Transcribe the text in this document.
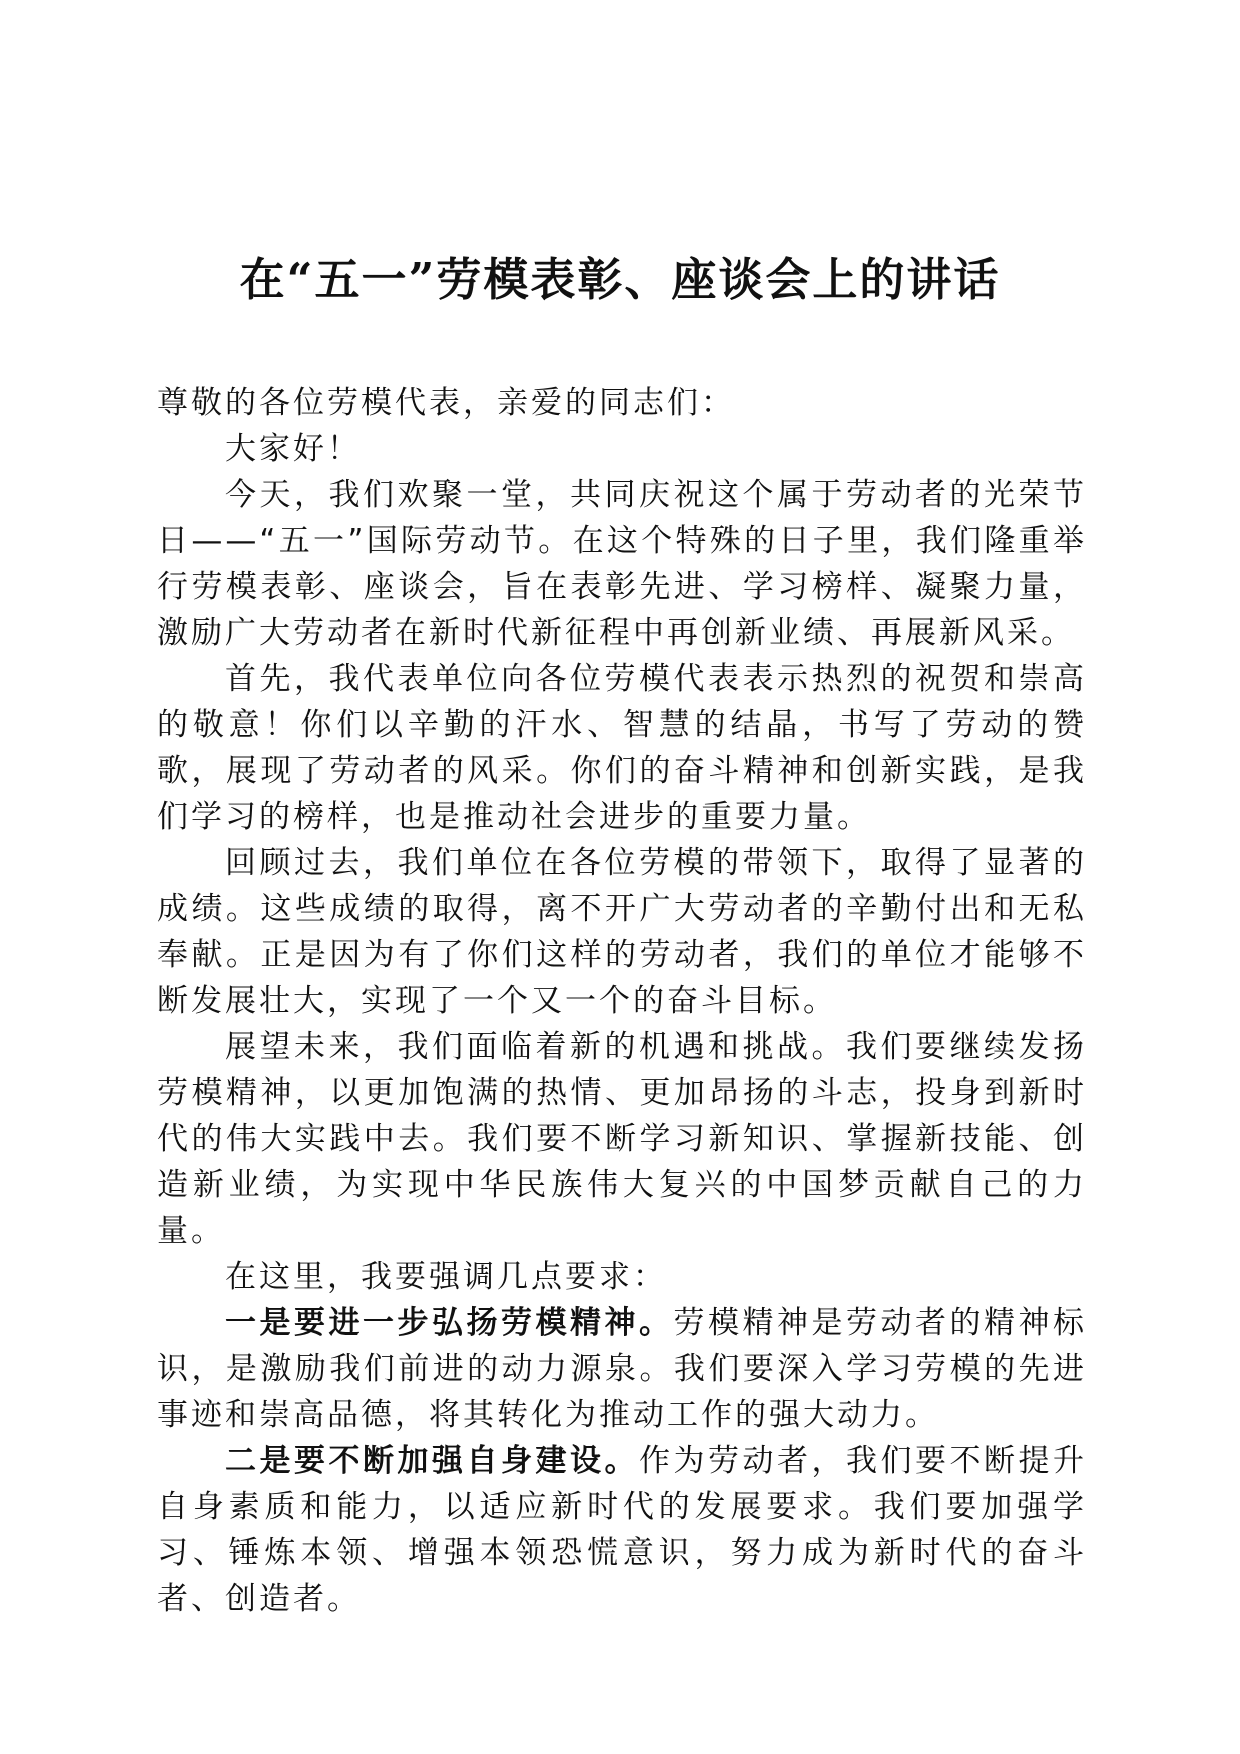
在“五一”劳模表彰、座谈会上的讲话

尊敬的各位劳模代表，亲爱的同志们：

大家好！

今天，我们欢聚一堂，共同庆祝这个属于劳动者的光荣节日——“五一”国际劳动节。在这个特殊的日子里，我们隆重举行劳模表彰、座谈会，旨在表彰先进、学习榜样、凝聚力量，激励广大劳动者在新时代新征程中再创新业绩、再展新风采。

首先，我代表单位向各位劳模代表表示热烈的祝贺和崇高的敬意！你们以辛勤的汗水、智慧的结晶，书写了劳动的赞歌，展现了劳动者的风采。你们的奋斗精神和创新实践，是我们学习的榜样，也是推动社会进步的重要力量。

回顾过去，我们单位在各位劳模的带领下，取得了显著的成绩。这些成绩的取得，离不开广大劳动者的辛勤付出和无私奉献。正是因为有了你们这样的劳动者，我们的单位才能够不断发展壮大，实现了一个又一个的奋斗目标。

展望未来，我们面临着新的机遇和挑战。我们要继续发扬劳模精神，以更加饱满的热情、更加昂扬的斗志，投身到新时代的伟大实践中去。我们要不断学习新知识、掌握新技能、创造新业绩，为实现中华民族伟大复兴的中国梦贡献自己的力量。

在这里，我要强调几点要求：

一是要进一步弘扬劳模精神。劳模精神是劳动者的精神标识，是激励我们前进的动力源泉。我们要深入学习劳模的先进事迹和崇高品德，将其转化为推动工作的强大动力。

二是要不断加强自身建设。作为劳动者，我们要不断提升自身素质和能力，以适应新时代的发展要求。我们要加强学习、锤炼本领、增强本领恐慌意识，努力成为新时代的奋斗者、创造者。
